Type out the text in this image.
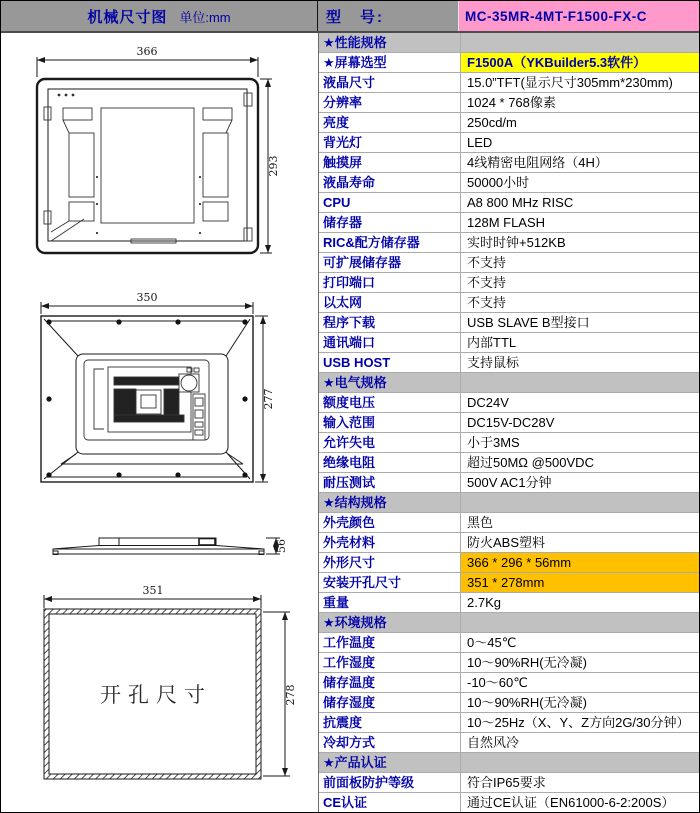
机械尺寸图 单位:mm	型　号:	MC-35MR-4MT-F1500-FX-C
366
293
350
277
56
351
278
开孔尺寸
★性能规格
★屏幕选型	F1500A（YKBuilder5.3软件）
液晶尺寸	15.0”TFT(显示尺寸305mm*230mm)
分辨率	1024 * 768像素
亮度	250cd/m
背光灯	LED
触摸屏	4线精密电阻网络（4H）
液晶寿命	50000小时
CPU	A8 800 MHz RISC
储存器	128M FLASH
RIC&配方储存器	实时时钟+512KB
可扩展储存器	不支持
打印端口	不支持
以太网	不支持
程序下载	USB SLAVE B型接口
通讯端口	内部TTL
USB HOST	支持鼠标
★电气规格
额度电压	DC24V
输入范围	DC15V-DC28V
允许失电	小于3MS
绝缘电阻	超过50MΩ @500VDC
耐压测试	500V AC1分钟
★结构规格
外壳颜色	黑色
外壳材料	防火ABS塑料
外形尺寸	366 * 296 * 56mm
安装开孔尺寸	351 * 278mm
重量	2.7Kg
★环境规格
工作温度	0～45℃
工作湿度	10～90%RH(无冷凝)
储存温度	-10～60℃
储存湿度	10～90%RH(无冷凝)
抗震度	10～25Hz（X、Y、Z方向2G/30分钟）
冷却方式	自然风冷
★产品认证
前面板防护等级	符合IP65要求
CE认证	通过CE认证（EN61000-6-2:200S）
